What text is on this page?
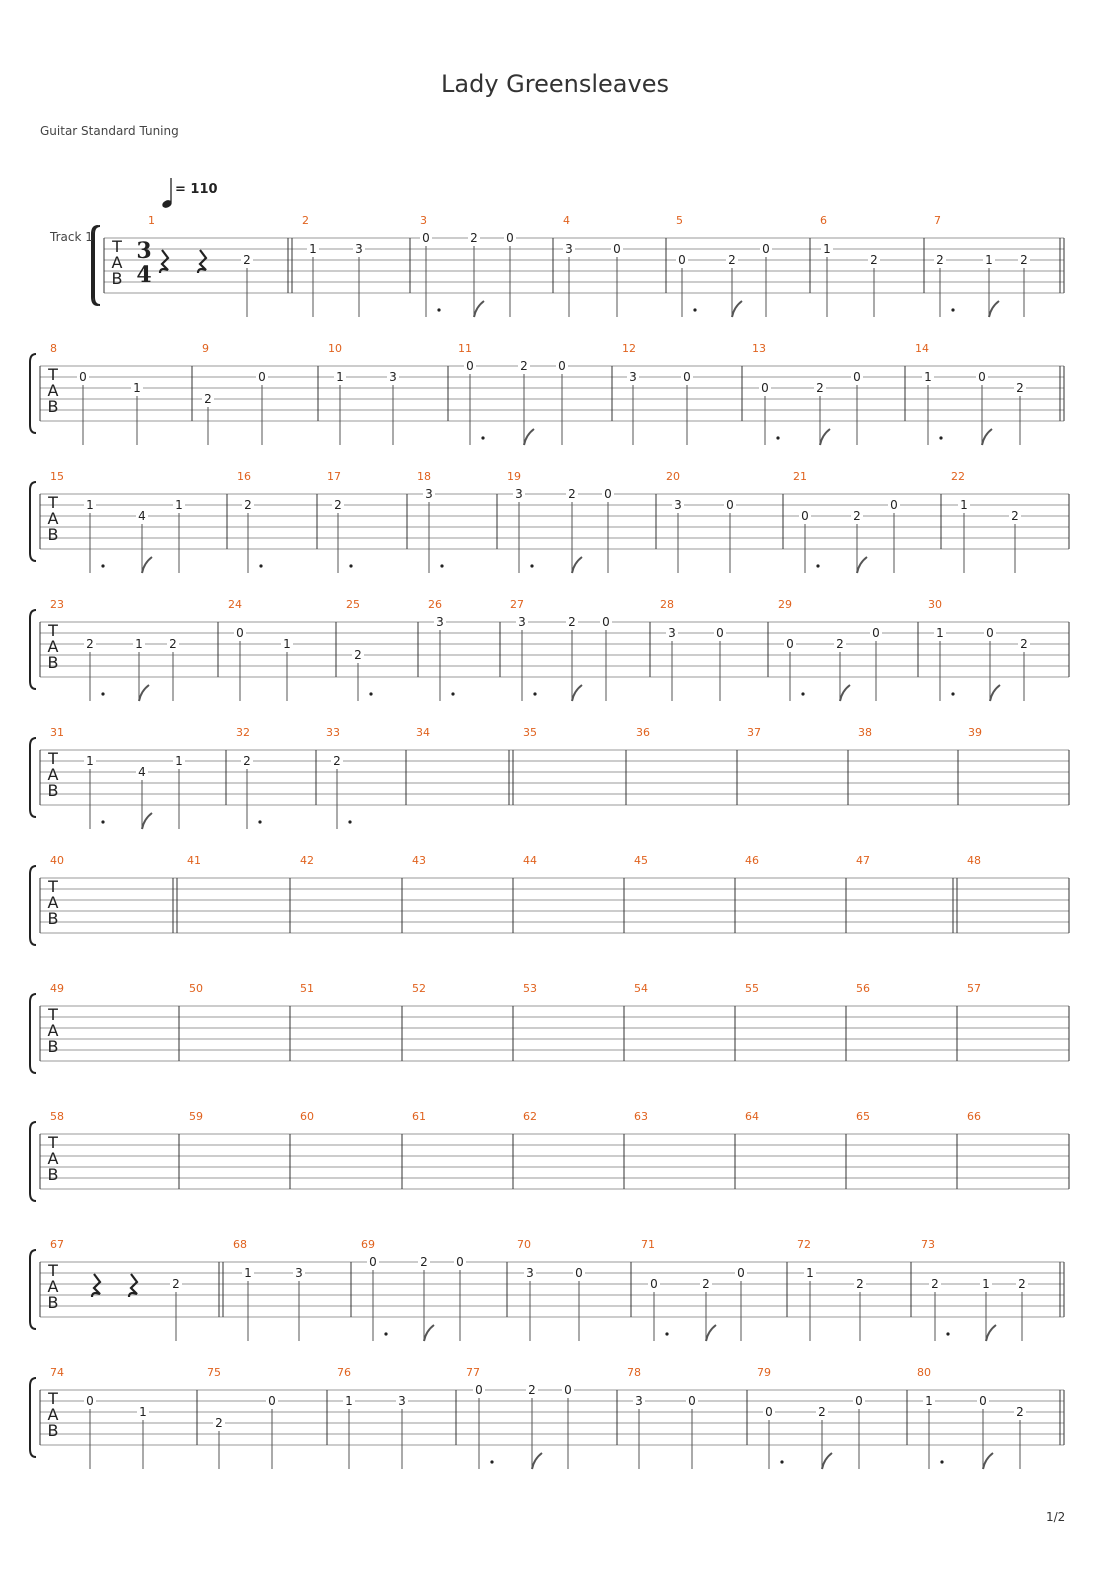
Lady Greensleaves
Guitar Standard Tuning
T
A
B
1
2
2
1	3
3
0	2 0
4
3	0
5
0	2
0
6
1
2
7
2	1 2
3
4
Track 1
= 110
T
A
B
8
0
1
9
2
0
10
1	3
11
0	2	0
12
3	0
13
0	2
0
14
1	0
2
T
A
B
15
1
4
1
16
2
17
2
18
3
19
3	2 0
20
3	0
21
0	2
0
22
1
2
T
A
B
23
2	1 2
24
0
1
25
2
26
3
27
3	2 0
28
3	0
29
0	2
0
30
1	0
2
T
A
B
31
1
4
1
32
2
33
2
34	35	36	37	38	39
T
A
B
40	41	42	43	44	45	46	47	48
T
A
B
49	50	51	52	53	54	55	56	57
T
A
B
58	59	60	61	62	63	64	65	66
T
A
B
67
2
68
1	3
69
0	2 0
70
3	0
71
0	2
0
72
1
2
73
2	1 2
T
A
B
74
0
1
75
2
0
76
1	3
77
0	2 0
78
3	0
79
0	2
0
80
1	0
2
1/2
